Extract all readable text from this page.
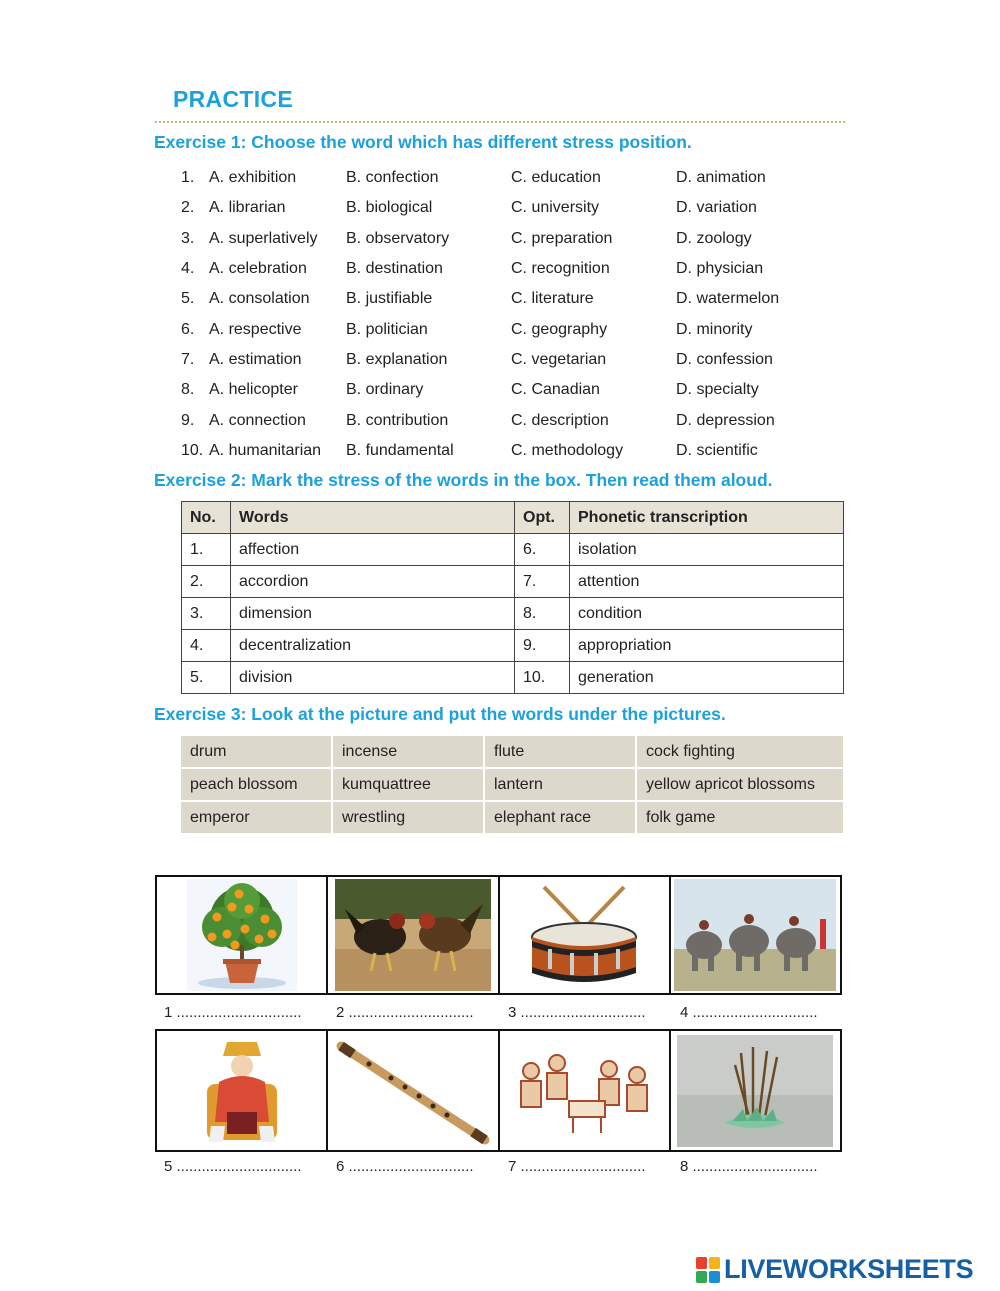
PRACTICE
Exercise 1: Choose the word which has different stress position.
1. A. exhibition	B. confection	C. education	D. animation
2. A. librarian	B. biological	C. university	D. variation
3. A. superlatively	B. observatory	C. preparation	D. zoology
4. A. celebration	B. destination	C. recognition	D. physician
5. A. consolation	B. justifiable	C. literature	D. watermelon
6. A. respective	B. politician	C. geography	D. minority
7. A. estimation	B. explanation	C. vegetarian	D. confession
8. A. helicopter	B. ordinary	C. Canadian	D. specialty
9. A. connection	B. contribution	C. description	D. depression
10. A. humanitarian	B. fundamental	C. methodology	D. scientific
Exercise 2: Mark the stress of the words in the box. Then read them aloud.
No.	Words	Opt.	Phonetic transcription
1.	affection	6.	isolation
2.	accordion	7.	attention
3.	dimension	8.	condition
4.	decentralization	9.	appropriation
5.	division	10.	generation
Exercise 3: Look at the picture and put the words under the pictures.
drum	incense	flute	cock fighting
peach blossom	kumquattree	lantern	yellow apricot blossoms
emperor	wrestling	elephant race	folk game
1 ..............................	2 ..............................	3 ..............................	4 ..............................
5 ..............................	6 ..............................	7 ..............................	8 ..............................
LIVEWORKSHEETS
